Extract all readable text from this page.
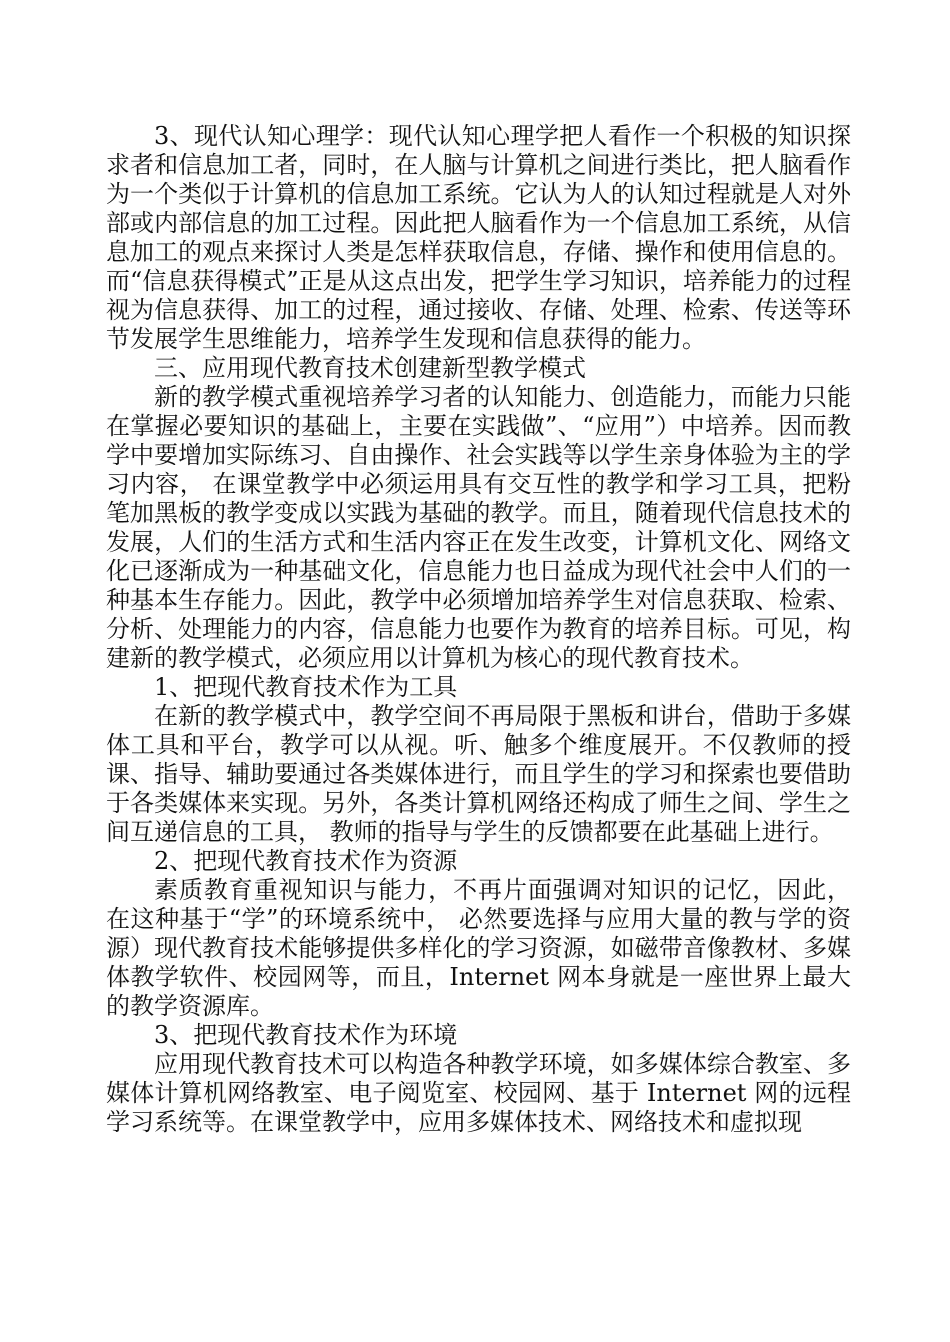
3、现代认知心理学：现代认知心理学把人看作一个积极的知识探求者和信息加工者，同时，在人脑与计算机之间进行类比，把人脑看作为一个类似于计算机的信息加工系统。它认为人的认知过程就是人对外部或内部信息的加工过程。因此把人脑看作为一个信息加工系统，从信息加工的观点来探讨人类是怎样获取信息，存储、操作和使用信息的。而“信息获得模式”正是从这点出发，把学生学习知识，培养能力的过程视为信息获得、加工的过程，通过接收、存储、处理、检索、传送等环节发展学生思维能力，培养学生发现和信息获得的能力。

三、应用现代教育技术创建新型教学模式

新的教学模式重视培养学习者的认知能力、创造能力，而能力只能在掌握必要知识的基础上，主要在实践做”、“应用”）中培养。因而教学中要增加实际练习、自由操作、社会实践等以学生亲身体验为主的学习内容， 在课堂教学中必须运用具有交互性的教学和学习工具，把粉笔加黑板的教学变成以实践为基础的教学。而且，随着现代信息技术的发展，人们的生活方式和生活内容正在发生改变，计算机文化、网络文化已逐渐成为一种基础文化，信息能力也日益成为现代社会中人们的一种基本生存能力。因此，教学中必须增加培养学生对信息获取、检索、分析、处理能力的内容，信息能力也要作为教育的培养目标。可见，构建新的教学模式，必须应用以计算机为核心的现代教育技术。

1、把现代教育技术作为工具

在新的教学模式中，教学空间不再局限于黑板和讲台，借助于多媒体工具和平台，教学可以从视。听、触多个维度展开。不仅教师的授课、指导、辅助要通过各类媒体进行，而且学生的学习和探索也要借助于各类媒体来实现。另外，各类计算机网络还构成了师生之间、学生之间互递信息的工具， 教师的指导与学生的反馈都要在此基础上进行。

2、把现代教育技术作为资源

素质教育重视知识与能力，不再片面强调对知识的记忆，因此， 在这种基于“学”的环境系统中， 必然要选择与应用大量的教与学的资源）现代教育技术能够提供多样化的学习资源，如磁带音像教材、多媒体教学软件、校园网等，而且，Internet 网本身就是一座世界上最大的教学资源库。

3、把现代教育技术作为环境

应用现代教育技术可以构造各种教学环境，如多媒体综合教室、多媒体计算机网络教室、电子阅览室、校园网、基于 Internet 网的远程学习系统等。在课堂教学中，应用多媒体技术、网络技术和虚拟现
